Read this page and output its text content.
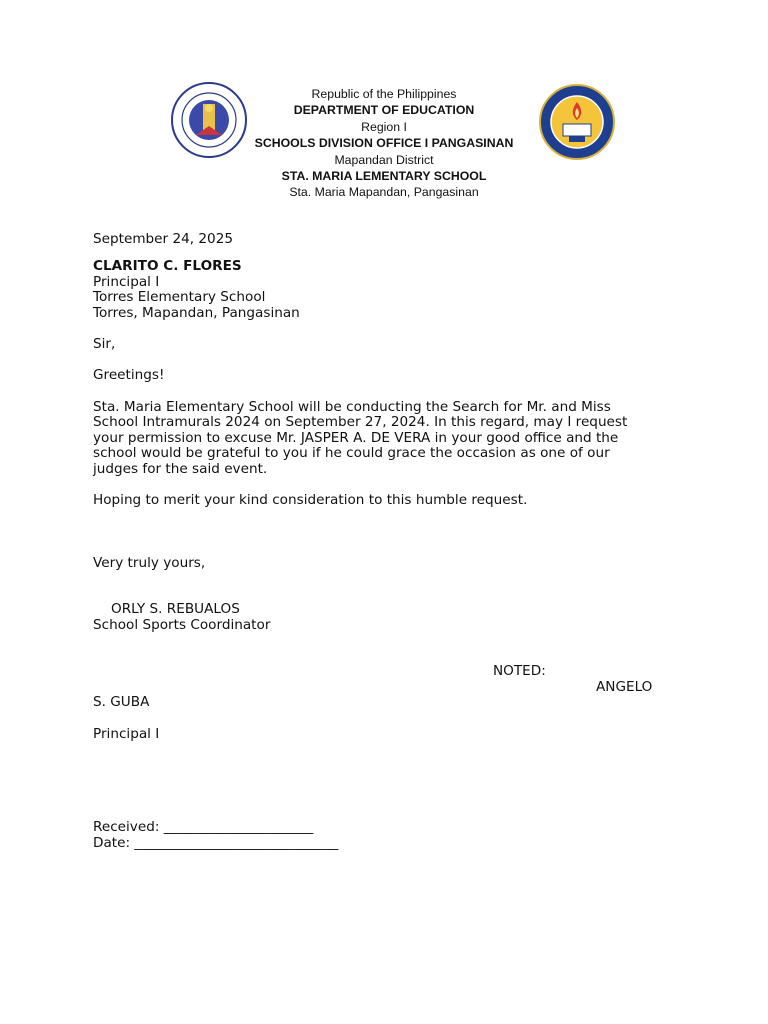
Republic of the Philippines
DEPARTMENT OF EDUCATION
Region I
SCHOOLS DIVISION OFFICE I PANGASINAN
Mapandan District
STA. MARIA LEMENTARY SCHOOL
Sta. Maria Mapandan, Pangasinan

September 24, 2025

CLARITO C. FLORES

Principal I

Torres Elementary School

Torres, Mapandan, Pangasinan

Sir,

Greetings!

Sta. Maria Elementary School will be conducting the Search for Mr. and Miss

School Intramurals 2024 on September 27, 2024. In this regard, may I request

your permission to excuse Mr. JASPER A. DE VERA in your good office and the

school would be grateful to you if he could grace the occasion as one of our

judges for the said event.

Hoping to merit your kind consideration to this humble request.

Very truly yours,
ORLY S. REBUALOS
School Sports Coordinator
NOTED:
ANGELO
S. GUBA
Principal I
Received: ______________________
Date: ______________________________
